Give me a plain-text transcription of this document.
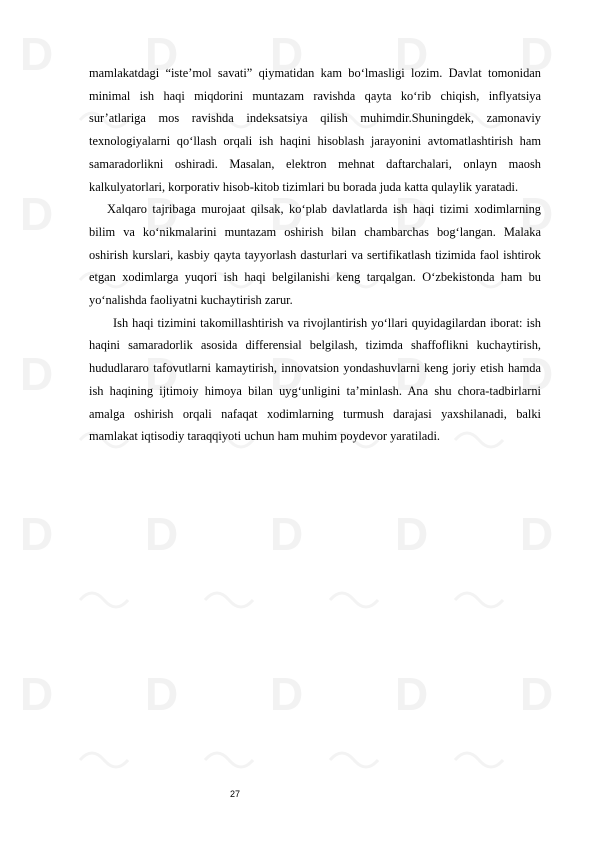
D D D D D
D D D D D
D D D D D
D D D D D
D D D D D

mamlakatdagi “iste’mol savati” qiymatidan kam bo‘lmasligi lozim. Davlat tomonidan minimal ish haqi miqdorini muntazam ravishda qayta ko‘rib chiqish, inflyatsiya sur’atlariga mos ravishda indeksatsiya qilish muhimdir.Shuningdek, zamonaviy texnologiyalarni qo‘llash orqali ish haqini hisoblash jarayonini avtomatlashtirish ham samaradorlikni oshiradi. Masalan, elektron mehnat daftarchalari, onlayn maosh kalkulyatorlari, korporativ hisob-kitob tizimlari bu borada juda katta qulaylik yaratadi.

Xalqaro tajribaga murojaat qilsak, ko‘plab davlatlarda ish haqi tizimi xodimlarning bilim va ko‘nikmalarini muntazam oshirish bilan chambarchas bog‘langan. Malaka oshirish kurslari, kasbiy qayta tayyorlash dasturlari va sertifikatlash tizimida faol ishtirok etgan xodimlarga yuqori ish haqi belgilanishi keng tarqalgan. O‘zbekistonda ham bu yo‘nalishda faoliyatni kuchaytirish zarur.

Ish haqi tizimini takomillashtirish va rivojlantirish yo‘llari quyidagilardan iborat: ish haqini samaradorlik asosida differensial belgilash, tizimda shaffoflikni kuchaytirish, hududlararo tafovutlarni kamaytirish, innovatsion yondashuvlarni keng joriy etish hamda ish haqining ijtimoiy himoya bilan uyg‘unligini ta’minlash. Ana shu chora-tadbirlarni amalga oshirish orqali nafaqat xodimlarning turmush darajasi yaxshilanadi, balki mamlakat iqtisodiy taraqqiyoti uchun ham muhim poydevor yaratiladi.

27
